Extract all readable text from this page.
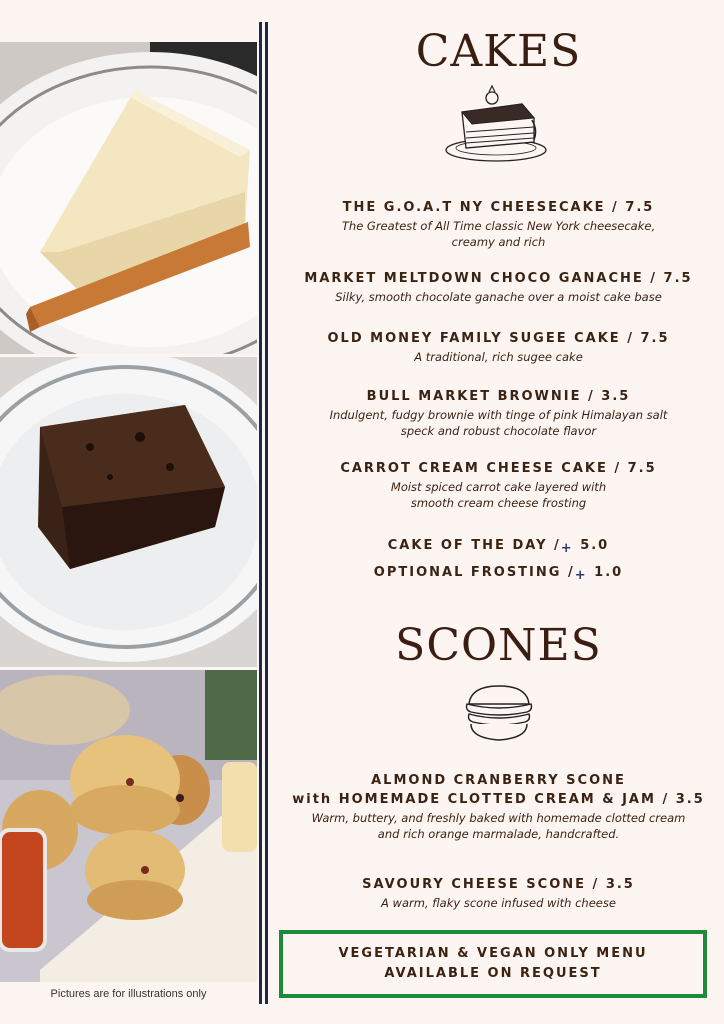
Pictures are for illustrations only
CAKES
THE G.O.A.T NY CHEESECAKE / 7.5
The Greatest of All Time classic New York cheesecake,
creamy and rich
MARKET MELTDOWN CHOCO GANACHE / 7.5
Silky, smooth chocolate ganache over a moist cake base
OLD MONEY FAMILY SUGEE CAKE / 7.5
A traditional, rich sugee cake
BULL MARKET BROWNIE / 3.5
Indulgent, fudgy brownie with tinge of pink Himalayan salt
speck and robust chocolate flavor
CARROT CREAM CHEESE CAKE / 7.5
Moist spiced carrot cake layered with
smooth cream cheese frosting
CAKE OF THE DAY /+ 5.0
OPTIONAL FROSTING /+ 1.0
SCONES
ALMOND CRANBERRY SCONE
with HOMEMADE CLOTTED CREAM & JAM / 3.5
Warm, buttery, and freshly baked with homemade clotted cream
and rich orange marmalade, handcrafted.
SAVOURY CHEESE SCONE / 3.5
A warm, flaky scone infused with cheese
VEGETARIAN & VEGAN ONLY MENU
AVAILABLE ON REQUEST
